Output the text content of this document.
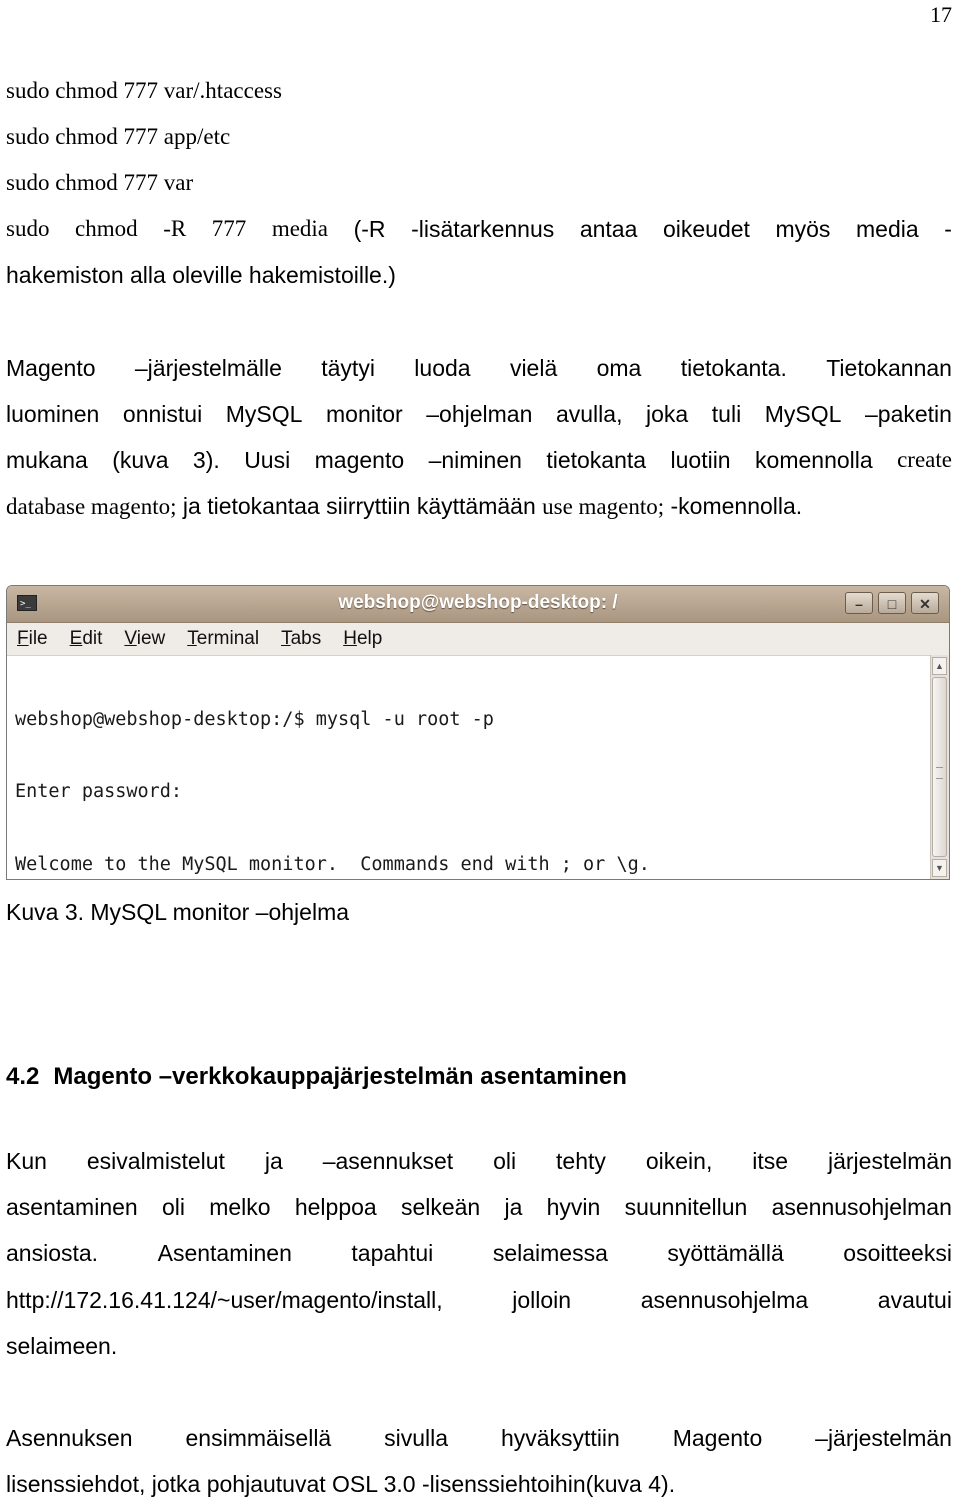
17
sudo chmod 777 var/.htaccess
sudo chmod 777 app/etc
sudo chmod 777 var
sudo chmod -R 777 media (-R -lisätarkennus antaa oikeudet myös media -
hakemiston alla oleville hakemistoille.)
Magento –järjestelmälle täytyi luoda vielä oma tietokanta. Tietokannan
luominen onnistui MySQL monitor –ohjelman avulla, joka tuli MySQL –paketin
mukana (kuva 3). Uusi magento –niminen tietokanta luotiin komennolla create
database magento; ja tietokantaa siirryttiin käyttämään use magento; -komennolla.
>_	webshop@webshop-desktop: /	–	□	✕
File Edit View Terminal Tabs Help

webshop@webshop-desktop:/$ mysql -u root -p

Enter password:

Welcome to the MySQL monitor.  Commands end with ; or \g.

▲
▼
Kuva 3. MySQL monitor –ohjelma
4.2 Magento –verkkokauppajärjestelmän asentaminen
Kun esivalmistelut ja –asennukset oli tehty oikein, itse järjestelmän
asentaminen oli melko helppoa selkeän ja hyvin suunnitellun asennusohjelman
ansiosta.	Asentaminen	tapahtui	selaimessa	syöttämällä	osoitteeksi
http://172.16.41.124/~user/magento/install,	jolloin	asennusohjelma	avautui
selaimeen.
Asennuksen ensimmäisellä sivulla hyväksyttiin Magento –järjestelmän
lisenssiehdot, jotka pohjautuvat OSL 3.0 -lisenssiehtoihin(kuva 4).
